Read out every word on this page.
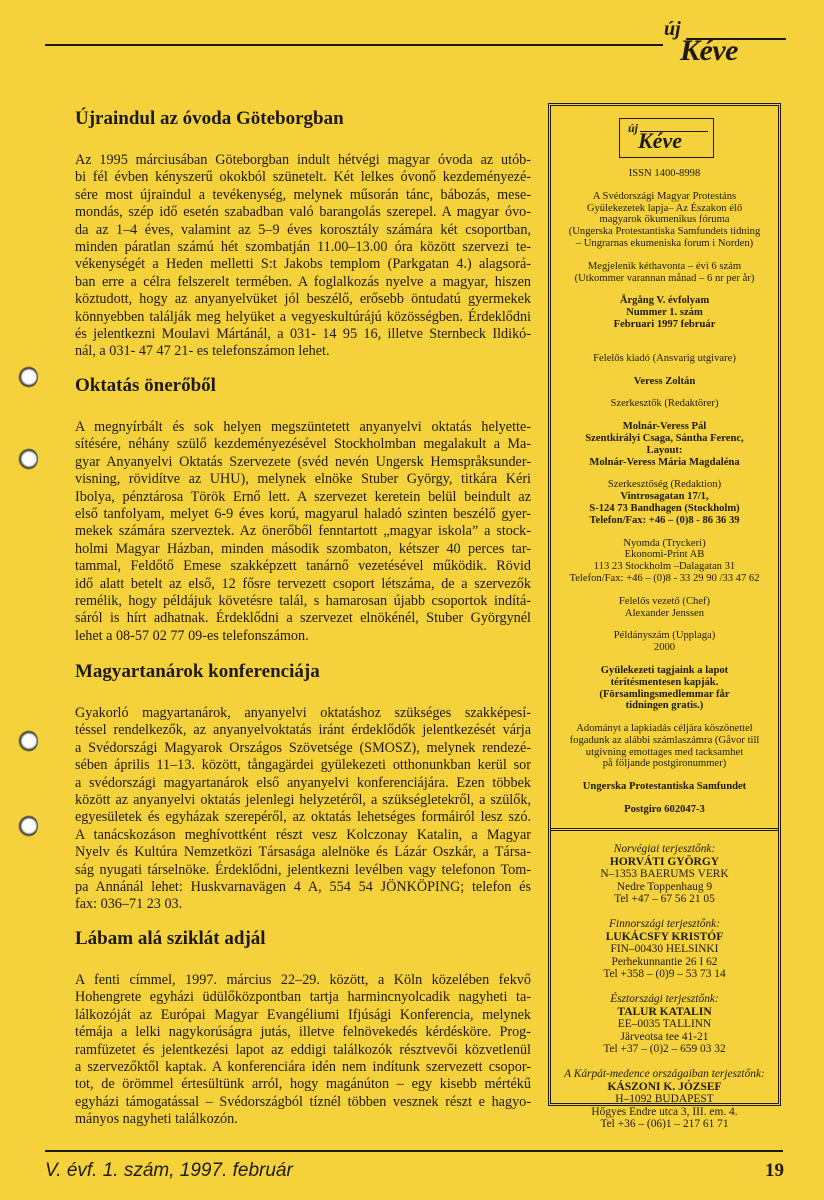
új
Kéve
Újraindul az óvoda Göteborgban
Az 1995 márciusában Göteborgban indult hétvégi magyar óvoda az utób-
bi fél évben kényszerű okokból szünetelt. Két lelkes óvonő kezdeményezé-
sére most újraindul a tevékenység, melynek műsorán tánc, bábozás, mese-
mondás, szép idő esetén szabadban való barangolás szerepel. A magyar óvo-
da az 1–4 éves, valamint az 5–9 éves korosztály számára két csoportban,
minden páratlan számú hét szombatján 11.00–13.00 óra között szervezi te-
vékenységét a Heden melletti S:t Jakobs templom (Parkgatan 4.) alagsorá-
ban erre a célra felszerelt termében. A foglalkozás nyelve a magyar, hiszen
köztudott, hogy az anyanyelvüket jól beszélő, erősebb öntudatú gyermekek
könnyebben találják meg helyüket a vegyeskultúrájú közösségben. Érdeklődni
és jelentkezni Moulavi Mártánál, a 031- 14 95 16, illetve Sternbeck Ildikó-
nál, a 031- 47 47 21- es telefonszámon lehet.
Oktatás önerőből
A megnyírbált és sok helyen megszüntetett anyanyelvi oktatás helyette-
sítésére, néhány szülő kezdeményezésével Stockholmban megalakult a Ma-
gyar Anyanyelvi Oktatás Szervezete (svéd nevén Ungersk Hemspråksunder-
visning, rövidítve az UHU), melynek elnöke Stuber György, titkára Kéri
Ibolya, pénztárosa Török Ernő lett. A szervezet keretein belül beindult az
első tanfolyam, melyet 6-9 éves korú, magyarul haladó szinten beszélő gyer-
mekek számára szerveztek. Az önerőből fenntartott „magyar iskola” a stock-
holmi Magyar Házban, minden második szombaton, kétszer 40 perces tar-
tammal, Feldőtő Emese szakképzett tanárnő vezetésével működik. Rövid
idő alatt betelt az első, 12 fősre tervezett csoport létszáma, de a szervezők
remélik, hogy példájuk követésre talál, s hamarosan újabb csoportok indítá-
sáról is hírt adhatnak. Érdeklődni a szervezet elnökénél, Stuber Györgynél
lehet a 08-57 02 77 09-es telefonszámon.
Magyartanárok konferenciája
Gyakorló magyartanárok, anyanyelvi oktatáshoz szükséges szakképesí-
téssel rendelkezők, az anyanyelvoktatás iránt érdeklődők jelentkezését várja
a Svédországi Magyarok Országos Szövetsége (SMOSZ), melynek rendezé-
sében április 11–13. között, tångagärdei gyülekezeti otthonunkban kerül sor
a svédországi magyartanárok első anyanyelvi konferenciájára. Ezen többek
között az anyanyelvi oktatás jelenlegi helyzetéről, a szükségletekről, a szülők,
egyesületek és egyházak szerepéről, az oktatás lehetséges formáiról lesz szó.
A tanácskozáson meghívottként részt vesz Kolczonay Katalin, a Magyar
Nyelv és Kultúra Nemzetközi Társasága alelnöke és Lázár Oszkár, a Társa-
ság nyugati társelnöke. Érdeklődni, jelentkezni levélben vagy telefonon Tom-
pa Annánál lehet: Huskvarnavägen 4 A, 554 54 JÖNKÖPING; telefon és
fax: 036–71 23 03.
Lábam alá sziklát adjál
A fenti címmel, 1997. március 22–29. között, a Köln közelében fekvő
Hohengrete egyházi üdülőközpontban tartja harmincnyolcadik nagyheti ta-
lálkozóját az Európai Magyar Evangéliumi Ifjúsági Konferencia, melynek
témája a lelki nagykorúságra jutás, illetve felnövekedés kérdésköre. Prog-
ramfüzetet és jelentkezési lapot az eddigi találkozók résztvevői közvetlenül
a szervezőktől kaptak. A konferenciára idén nem indítunk szervezett csopor-
tot, de örömmel értesültünk arról, hogy magánúton – egy kisebb mértékű
egyházi támogatással – Svédországból tíznél többen vesznek részt e hagyo-
mányos nagyheti találkozón.
új Kéve
ISSN 1400-8998
A Svédországi Magyar Protestáns
Gyülekezetek lapja– Az Északon élő
magyarok ökumenikus fóruma
(Ungerska Protestantiska Samfundets tidning
– Ungrarnas ekumeniska forum i Norden)
Megjelenik kéthavonta – évi 6 szám
(Utkommer varannan månad – 6 nr per år)
Årgång V. évfolyam
Nummer 1. szám
Februari 1997 február
Felelős kiadó (Ansvarig utgivare)
Veress Zoltán
Szerkesztők (Redaktörer)
Molnár-Veress Pál
Szentkirályi Csaga, Sántha Ferenc,
Layout:
Molnár-Veress Mária Magdaléna
Szerkesztőség (Redaktion)
Vintrosagatan 17/1,
S-124 73 Bandhagen (Stockholm)
Telefon/Fax: +46 – (0)8 - 86 36 39
Nyomda (Tryckeri)
Ekonomi-Print AB
113 23 Stockholm –Dalagatan 31
Telefon/Fax: +46 – (0)8 - 33 29 90 /33 47 62
Felelős vezető (Chef)
Alexander Jenssen
Példányszám (Upplaga)
2000
Gyülekezeti tagjaink a lapot
térítésmentesen kapják.
(Församlingsmedlemmar får
tidningen gratis.)
Adományt a lapkiadás céljára köszönettel
fogadunk az alábbi számlaszámra (Gåvor till
utgivning emottages med tacksamhet
på följande postgironummer)
Ungerska Protestantiska Samfundet
Postgiro 602047-3
Norvégiai terjesztőnk:
HORVÁTI GYÖRGY
N–1353 BAERUMS VERK
Nedre Toppenhaug 9
Tel +47 – 67 56 21 05
Finnországi terjesztőnk:
LUKÁCSFY KRISTÓF
FIN–00430 HELSINKI
Perhekunnantie 26 I 62
Tel +358 – (0)9 – 53 73 14
Észtországi terjesztőnk:
TALUR KATALIN
EE–0035 TALLINN
Järveotsa tee 41-21
Tel +37 – (0)2 – 659 03 32
A Kárpát-medence országaiban terjesztőnk:
KÁSZONI K. JÓZSEF
H–1092 BUDAPEST
Hőgyes Endre utca 3, III. em. 4.
Tel +36 – (06)1 – 217 61 71
V. évf. 1. szám, 1997. február	19
